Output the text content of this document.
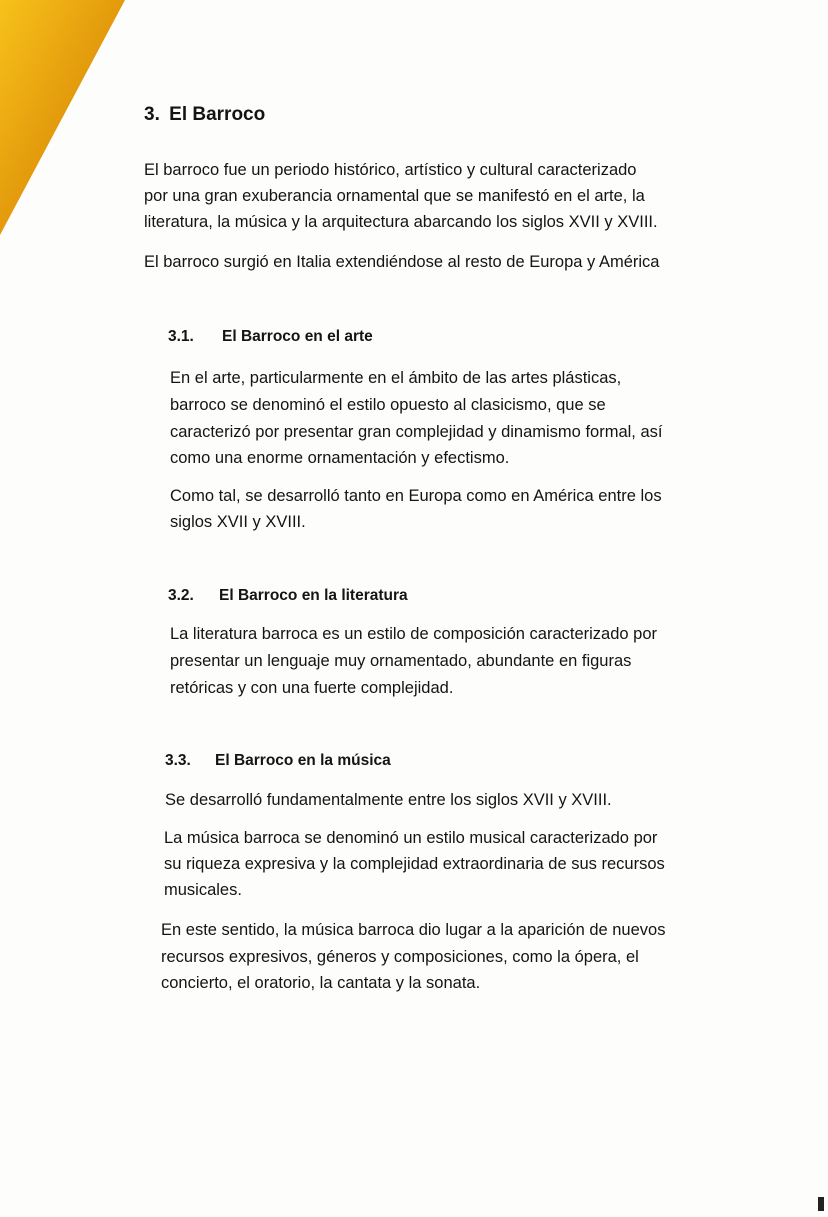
3. El Barroco
El barroco fue un periodo histórico, artístico y cultural caracterizado
por una gran exuberancia ornamental que se manifestó en el arte, la
literatura, la música y la arquitectura abarcando los siglos XVII y XVIII.
El barroco surgió en Italia extendiéndose al resto de Europa y América
3.1. El Barroco en el arte
En el arte, particularmente en el ámbito de las artes plásticas,
barroco se denominó el estilo opuesto al clasicismo, que se
caracterizó por presentar gran complejidad y dinamismo formal, así
como una enorme ornamentación y efectismo.
Como tal, se desarrolló tanto en Europa como en América entre los
siglos XVII y XVIII.
3.2. El Barroco en la literatura
La literatura barroca es un estilo de composición caracterizado por
presentar un lenguaje muy ornamentado, abundante en figuras
retóricas y con una fuerte complejidad.
3.3. El Barroco en la música
Se desarrolló fundamentalmente entre los siglos XVII y XVIII.
La música barroca se denominó un estilo musical caracterizado por
su riqueza expresiva y la complejidad extraordinaria de sus recursos
musicales.
En este sentido, la música barroca dio lugar a la aparición de nuevos
recursos expresivos, géneros y composiciones, como la ópera, el
concierto, el oratorio, la cantata y la sonata.
